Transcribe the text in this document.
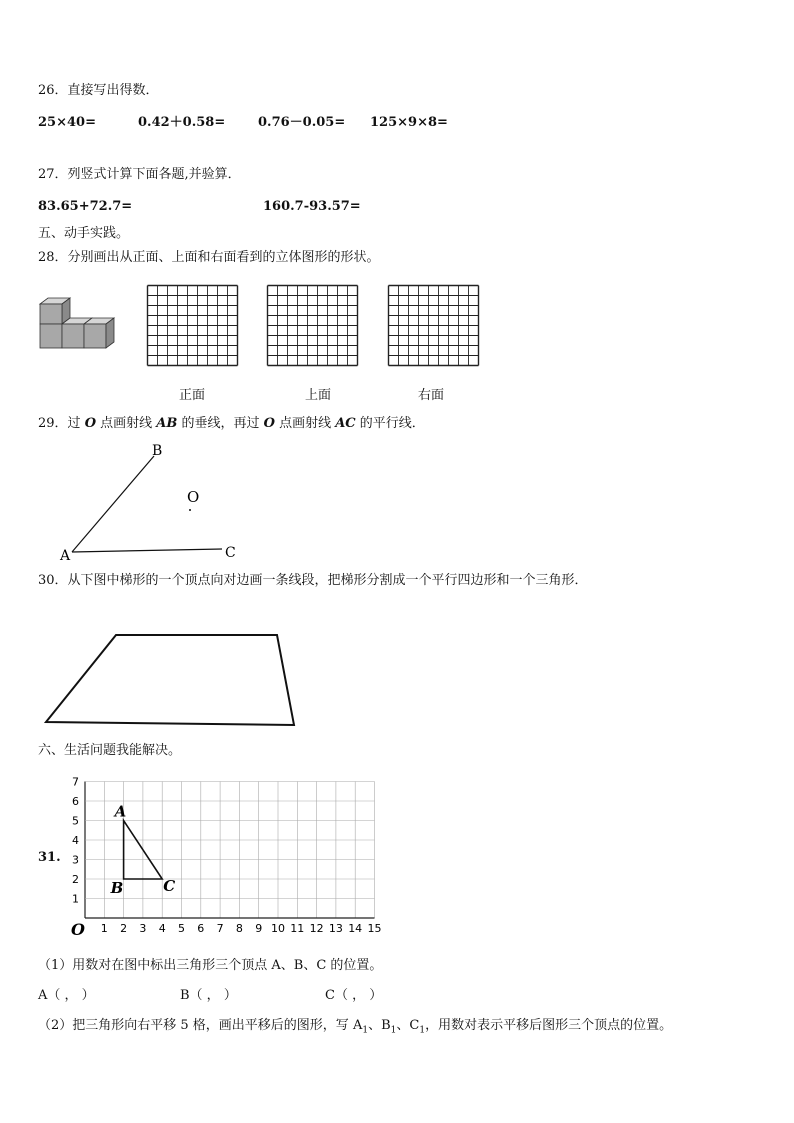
26．直接写出得数．
25×40=	0.42＋0.58=	0.76－0.05= 125×9×8=
27．列竖式计算下面各题,并验算．
83.65+72.7=	160.7-93.57=
五、动手实践。
28．分别画出从正面、上面和右面看到的立体图形的形状。
正面	上面	右面
29．过 O 点画射线 AB 的垂线，再过 O 点画射线 AC 的平行线．
B
A	C
O
30．从下图中梯形的一个顶点向对边画一条线段，把梯形分割成一个平行四边形和一个三角形．
六、生活问题我能解决。
31.
1 2 3 4 5 6 7 8 9 10 11 12 13 14 15
1
2
3
4
5
6
7
O
A
B	C
（1）用数对在图中标出三角形三个顶点 A、B、C 的位置。
A（ ， ）	B（ ， ）	C（ ， ）
（2）把三角形向右平移 5 格，画出平移后的图形，写 $A_1$、$B_1$、$C_1$，用数对表示平移后图形三个顶点的位置。
